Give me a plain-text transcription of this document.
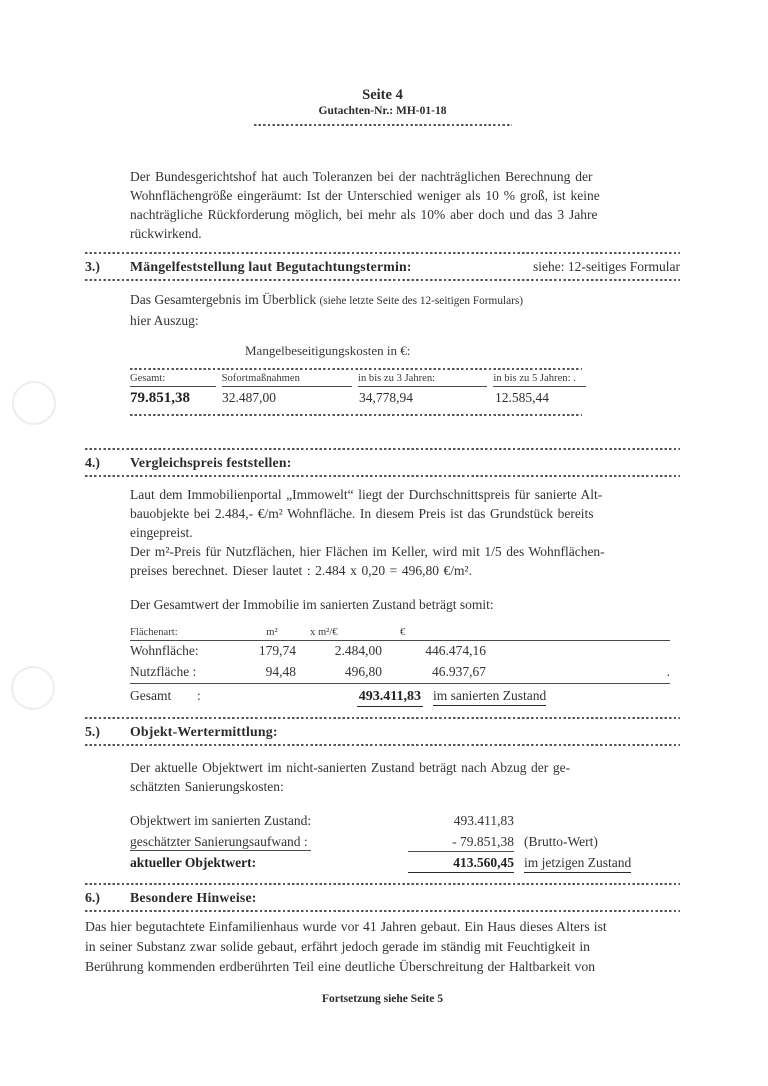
Seite 4
Gutachten-Nr.: MH-01-18
Der Bundesgerichtshof hat auch Toleranzen bei der nachträglichen Berechnung der
Wohnflächengröße eingeräumt: Ist der Unterschied weniger als 10 % groß, ist keine
nachträgliche Rückforderung möglich, bei mehr als 10% aber doch und das 3 Jahre
rückwirkend.
3.)	Mängelfeststellung laut Begutachtungstermin:	siehe: 12-seitiges Formular
Das Gesamtergebnis im Überblick (siehe letzte Seite des 12-seitigen Formulars)
hier Auszug:
Mangelbeseitigungskosten in €:
Gesamt:	Sofortmaßnahmen	in bis zu 3 Jahren:	in bis zu 5 Jahren: .
79.851,38	32.487,00	34,778,94	12.585,44
4.)	Vergleichspreis feststellen:
Laut dem Immobilienportal „Immowelt“ liegt der Durchschnittspreis für sanierte Alt-
bauobjekte bei 2.484,- €/m² Wohnfläche. In diesem Preis ist das Grundstück bereits
eingepreist.
Der m²-Preis für Nutzflächen, hier Flächen im Keller, wird mit 1/5 des Wohnflächen-
preises berechnet. Dieser lautet : 2.484 x 0,20 = 496,80 €/m².
Der Gesamtwert der Immobilie im sanierten Zustand beträgt somit:
Flächenart:	m²	x m²/€	€
Wohnfläche:	179,74	2.484,00	446.474,16
Nutzfläche :	94,48	496,80	46.937,67	.
Gesamt	:	493.411,83 im sanierten Zustand
5.)	Objekt-Wertermittlung:
Der aktuelle Objektwert im nicht-sanierten Zustand beträgt nach Abzug der ge-
schätzten Sanierungskosten:
Objektwert im sanierten Zustand:	493.411,83
geschätzter Sanierungsaufwand :	- 79.851,38 (Brutto-Wert)
aktueller Objektwert:	413.560,45 im jetzigen Zustand
6.)	Besondere Hinweise:
Das hier begutachtete Einfamilienhaus wurde vor 41 Jahren gebaut. Ein Haus dieses Alters ist
in seiner Substanz zwar solide gebaut, erfährt jedoch gerade im ständig mit Feuchtigkeit in
Berührung kommenden erdberührten Teil eine deutliche Überschreitung der Haltbarkeit von
Fortsetzung siehe Seite 5
